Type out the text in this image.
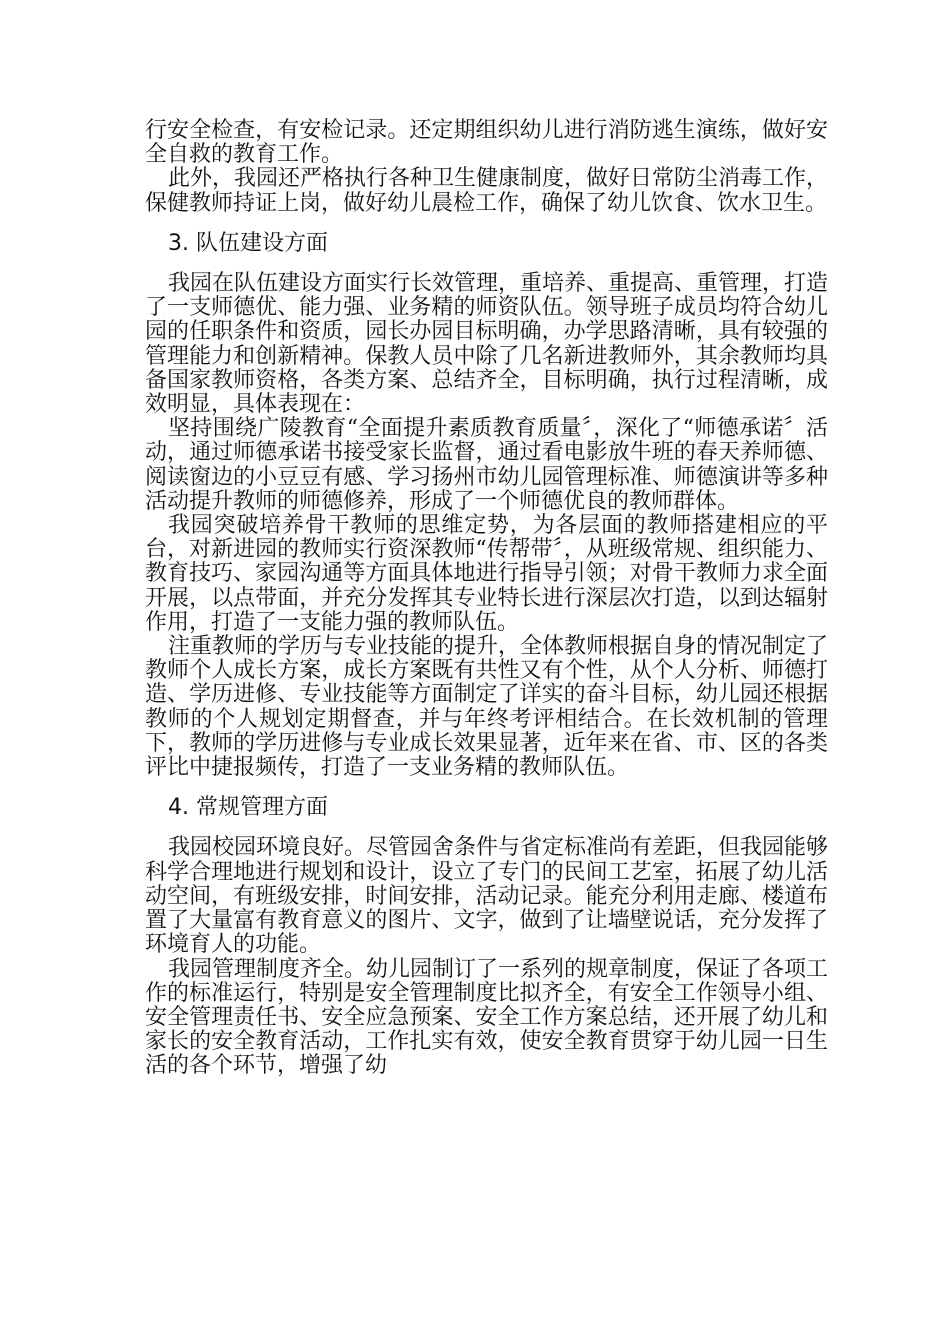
行安全检查，有安检记录。还定期组织幼儿进行消防逃生演练，做好安全自救的教育工作。

此外，我园还严格执行各种卫生健康制度，做好日常防尘消毒工作，保健教师持证上岗，做好幼儿晨检工作，确保了幼儿饮食、饮水卫生。

3. 队伍建设方面

我园在队伍建设方面实行长效管理，重培养、重提高、重管理，打造了一支师德优、能力强、业务精的师资队伍。领导班子成员均符合幼儿园的任职条件和资质，园长办园目标明确，办学思路清晰，具有较强的管理能力和创新精神。保教人员中除了几名新进教师外，其余教师均具备国家教师资格，各类方案、总结齐全，目标明确，执行过程清晰，成效明显，具体表现在：

坚持围绕广陵教育“全面提升素质教育质量〞，深化了“师德承诺〞活动，通过师德承诺书接受家长监督，通过看电影放牛班的春天养师德、阅读窗边的小豆豆有感、学习扬州市幼儿园管理标准、师德演讲等多种活动提升教师的师德修养，形成了一个师德优良的教师群体。

我园突破培养骨干教师的思维定势，为各层面的教师搭建相应的平台，对新进园的教师实行资深教师“传帮带〞，从班级常规、组织能力、教育技巧、家园沟通等方面具体地进行指导引领；对骨干教师力求全面开展，以点带面，并充分发挥其专业特长进行深层次打造，以到达辐射作用，打造了一支能力强的教师队伍。

注重教师的学历与专业技能的提升，全体教师根据自身的情况制定了教师个人成长方案，成长方案既有共性又有个性，从个人分析、师德打造、学历进修、专业技能等方面制定了详实的奋斗目标，幼儿园还根据教师的个人规划定期督查，并与年终考评相结合。在长效机制的管理下，教师的学历进修与专业成长效果显著，近年来在省、市、区的各类评比中捷报频传，打造了一支业务精的教师队伍。

4. 常规管理方面

我园校园环境良好。尽管园舍条件与省定标准尚有差距，但我园能够科学合理地进行规划和设计，设立了专门的民间工艺室，拓展了幼儿活动空间，有班级安排，时间安排，活动记录。能充分利用走廊、楼道布置了大量富有教育意义的图片、文字，做到了让墙壁说话，充分发挥了环境育人的功能。

我园管理制度齐全。幼儿园制订了一系列的规章制度，保证了各项工作的标准运行，特别是安全管理制度比拟齐全，有安全工作领导小组、安全管理责任书、安全应急预案、安全工作方案总结，还开展了幼儿和家长的安全教育活动，工作扎实有效，使安全教育贯穿于幼儿园一日生活的各个环节，增强了幼
